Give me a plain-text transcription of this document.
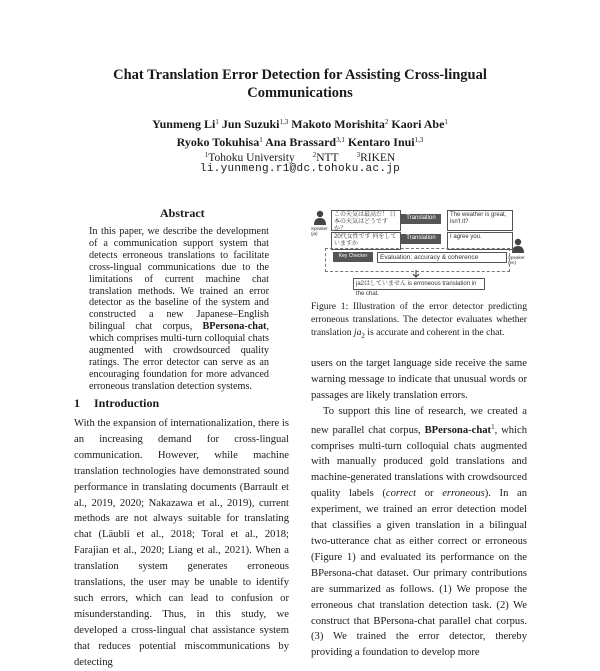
Chat Translation Error Detection for Assisting Cross-lingual
Communications
Yunmeng Li$^1$ Jun Suzuki$^{1,3}$ Makoto Morishita$^2$ Kaori Abe$^1$
Ryoko Tokuhisa$^1$ Ana Brassard$^{3,1}$ Kentaro Inui$^{1,3}$
$^1$Tohoku University	$^2$NTT	$^3$RIKEN
li.yunmeng.r1@dc.tohoku.ac.jp
Abstract
In this paper, we describe the development of a communication support system that detects erroneous translations to facilitate cross-lingual communications due to the limitations of current machine chat translation methods. We trained an error detector as the baseline of the system and constructed a new Japanese–English bilingual chat corpus, BPersona-chat, which comprises multi-turn colloquial chats augmented with crowdsourced quality ratings. The error detector can serve as an encouraging foundation for more advanced erroneous translation detection systems.
Speaker (ja)
Speaker (en)
この天気は最高だ！ 日本の天気はどうですか？
Translation	The weather is great, isn't it?
20代女性です 何をしていますか
Translation	I agree you.
Key Checker	Evaluation: accuracy & coherence
ja2はしていません is erroneous translation in the chat.
Figure 1: Illustration of the error detector predicting erroneous translations. The detector evaluates whether translation $ja_2$ is accurate and coherent in the chat.
1 Introduction
With the expansion of internationalization, there is an increasing demand for cross-lingual communication. However, while machine translation technologies have demonstrated sound performance in translating documents (Barrault et al., 2019, 2020; Nakazawa et al., 2019), current methods are not always suitable for translating chat (Läubli et al., 2018; Toral et al., 2018; Farajian et al., 2020; Liang et al., 2021). When a translation system generates erroneous translations, the user may be unable to identify such errors, which can lead to confusion or misunderstanding. Thus, in this study, we developed a cross-lingual chat assistance system that reduces potential miscommunications by detecting

users on the target language side receive the same warning message to indicate that unusual words or passages are likely translation errors.

To support this line of research, we created a new parallel chat corpus, BPersona-chat$^1$, which comprises multi-turn colloquial chats augmented with manually produced gold translations and machine-generated translations with crowdsourced quality labels (correct or erroneous). In an experiment, we trained an error detection model that classifies a given translation in a bilingual two-utterance chat as either correct or erroneous (Figure 1) and evaluated its performance on the BPersona-chat dataset. Our primary contributions are summarized as follows. (1) We propose the erroneous chat translation detection task. (2) We construct that BPersona-chat parallel chat corpus. (3) We trained the error detector, thereby providing a foundation to develop more
